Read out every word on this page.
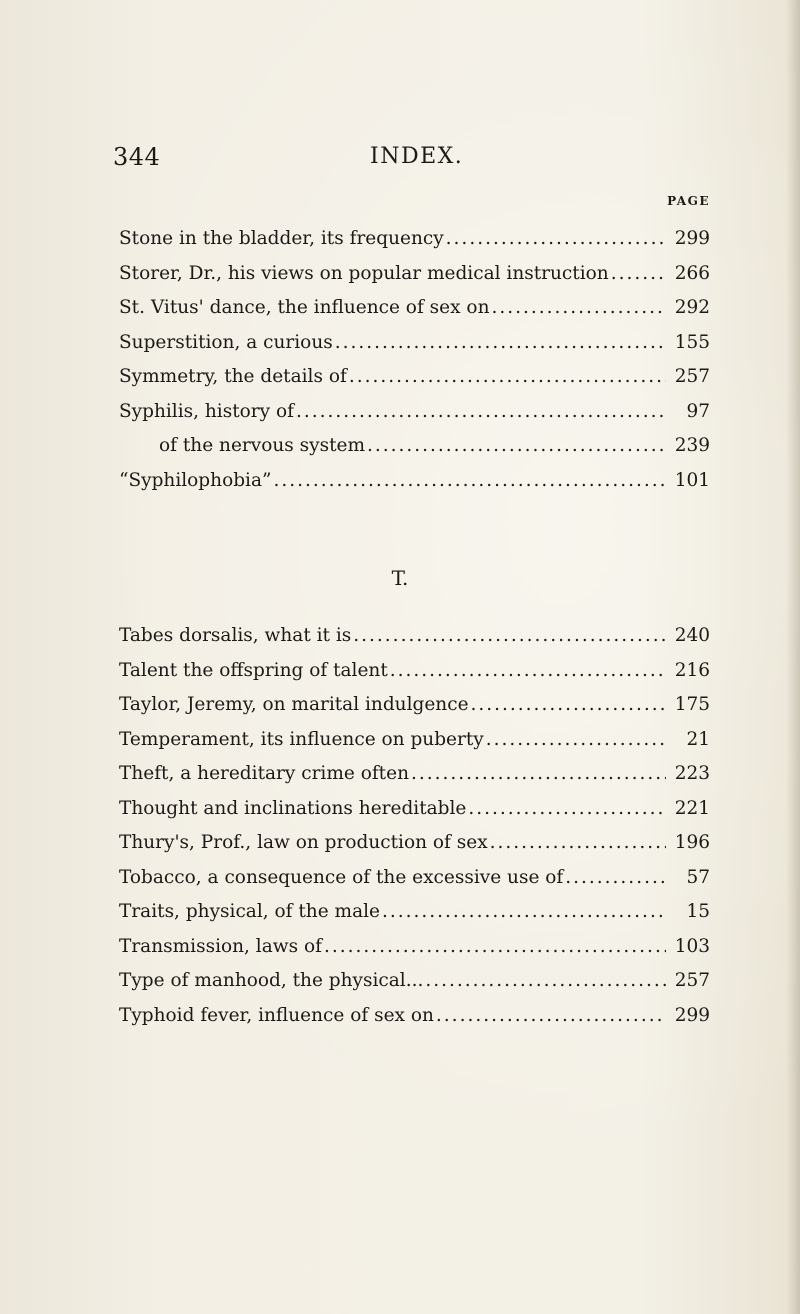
344	INDEX.
PAGE
Stone in the bladder, its frequency .....	299
Storer, Dr., his views on popular medical instruction .....	266
St. Vitus' dance, the influence of sex on .....	292
Superstition, a curious .....	155
Symmetry, the details of .....	257
Syphilis, history of .....	97
of the nervous system .....	239
“Syphilophobia” .....	101
T.
Tabes dorsalis, what it is .....	240
Talent the offspring of talent .....	216
Taylor, Jeremy, on marital indulgence .....	175
Temperament, its influence on puberty .....	21
Theft, a hereditary crime often .....	223
Thought and inclinations hereditable .....	221
Thury's, Prof., law on production of sex .....	196
Tobacco, a consequence of the excessive use of .....	57
Traits, physical, of the male .....	15
Transmission, laws of .....	103
Type of manhood, the physical... .....	257
Typhoid fever, influence of sex on .....	299
